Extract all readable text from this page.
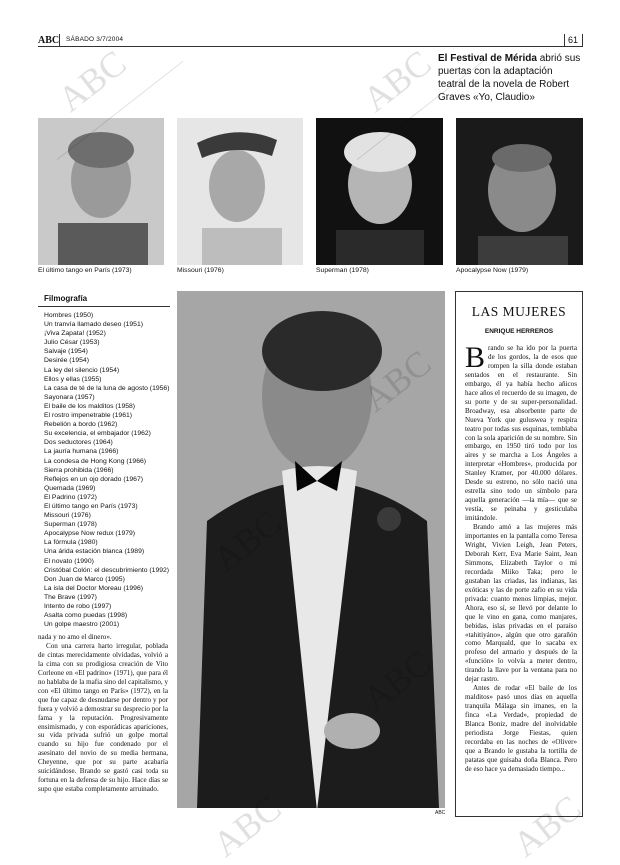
ABC SÁBADO 3/7/2004	61
El Festival de Mérida abrió sus puertas con la adaptación teatral de la novela de Robert Graves «Yo, Claudio»
El último tango en París (1973)	Missouri (1976)	Superman (1978)	Apocalypse Now (1979)
Filmografía
Hombres (1950)
Un tranvía llamado deseo (1951)
¡Viva Zapata! (1952)
Julio César (1953)
Salvaje (1954)
Desirée (1954)
La ley del silencio (1954)
Ellos y ellas (1955)
La casa de té de la luna de agosto (1956)
Sayonara (1957)
El baile de los malditos (1958)
El rostro impenetrable (1961)
Rebelión a bordo (1962)
Su excelencia, el embajador (1962)
Dos seductores (1964)
La jauría humana (1966)
La condesa de Hong Kong (1966)
Sierra prohibida (1966)
Reflejos en un ojo dorado (1967)
Quemada (1969)
El Padrino (1972)
El último tango en París (1973)
Missouri (1976)
Superman (1978)
Apocalypse Now redux (1979)
La fórmula (1980)
Una árida estación blanca (1989)
El novato (1990)
Cristóbal Colón: el descubrimiento (1992)
Don Juan de Marco (1995)
La isla del Doctor Moreau (1996)
The Brave (1997)
Intento de robo (1997)
Asalta como puedas (1998)
Un golpe maestro (2001)

nada y no amo el dinero».

Con una carrera harto irregular, poblada de cintas merecidamente olvidadas, volvió a la cima con su prodigiosa creación de Vito Corleone en «El padrino» (1971), que para él no hablaba de la mafia sino del capitalismo, y con «El último tango en París» (1972), en la que fue capaz de desnudarse por dentro y por fuera y volvió a demostrar su desprecio por la fama y la reputación. Progresivamente ensimismado, y con esporádicas apariciones, su vida privada sufrió un golpe mortal cuando su hijo fue condenado por el asesinato del novio de su media hermana, Cheyenne, que por su parte acabaría suicidándose. Brando se gastó casi toda su fortuna en la defensa de su hijo. Hace días se supo que estaba completamente arruinado.

ABC
LAS MUJERES
ENRIQUE HERREROS

Brando se ha ido por la puerta de los gordos, la de esos que rompen la silla donde estaban sentados en el restaurante. Sin embargo, él ya había hecho añicos hace años el recuerdo de su imagen, de su porte y de su super-personalidad. Broadway, esa absorbente parte de Nueva York que guluswea y respira teatro por todas sus esquinas, temblaba con la sola aparición de su nombre. Sin embargo, en 1950 tiró todo por los aires y se marcha a Los Ángeles a interpretar «Hombres», producida por Stanley Kramer, por 40.000 dólares. Desde su estreno, no sólo nació una estrella sino todo un símbolo para aquella generación —la mía— que se vestía, se peinaba y gesticulaba imitándole.

Brando amó a las mujeres más importantes en la pantalla como Teresa Wright, Vivien Leigh, Jean Peters, Deborah Kerr, Eva Marie Saint, Jean Simmons, Elizabeth Taylor o mi recordada Miiko Taka; pero le gustaban las criadas, las indianas, las exóticas y las de porte zafio en su vida privada: cuanto menos limpias, mejor. Ahora, eso sí, se llevó por delante lo que le vino en gana, como manjares, bebidas, islas privadas en el paraíso «tahitiyáno», algún que otro garañón como Marquald, que lo sacaba ex profeso del armario y después de la «función» lo volvía a meter dentro, tirando la llave por la ventana para no dejar rastro.

Antes de rodar «El baile de los malditos» pasó unos días en aquella tranquila Málaga sin imanes, en la finca «La Verdad», propiedad de Blanca Boniz, madre del inolvidable periodista Jorge Fiestas, quien recordaba en las noches de «Oliver» que a Brando le gustaba la tortilla de patatas que guisaba doña Blanca. Pero de eso hace ya demasiado tiempo...

ABC	ABC
ABC	ABC
